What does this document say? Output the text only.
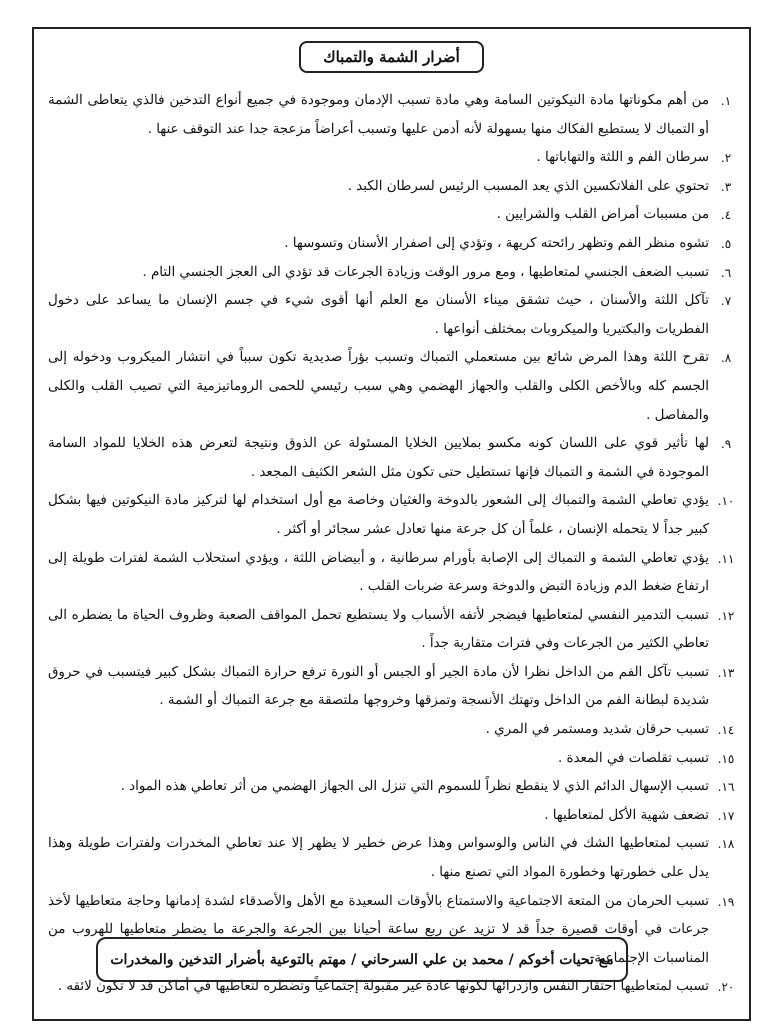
أضرار الشمة والتمباك
١.
من أهم مكوناتها مادة النيكوتين السامة وهي مادة تسبب الإدمان وموجودة في جميع أنواع التدخين فالذي يتعاطى الشمة أو التمباك لا يستطيع الفكاك منها بسهولة لأنه أدمن عليها وتسبب أعراضاً مزعجة جدا عند التوقف عنها .
٢.
سرطان الفم و اللثة والتهاباتها .
٣.
تحتوي على الفلاتكسين الذي يعد المسبب الرئيس لسرطان الكبد .
٤.
من مسببات أمراض القلب والشرايين .
٥.
تشوه منظر الفم وتظهر رائحته كريهة ، وتؤدي إلى اصفرار الأسنان وتسوسها .
٦.
تسبب الضعف الجنسي لمتعاطيها ، ومع مرور الوقت وزيادة الجرعات قد تؤدي الى العجز الجنسي التام .
٧.
تآكل اللثة والأسنان ، حيث تشقق ميناء الأسنان مع العلم أنها أقوى شيء في جسم الإنسان ما يساعد على دخول الفطريات والبكتيريا والميكروبات بمختلف أنواعها .
٨.
تقرح اللثة وهذا المرض شائع بين مستعملي التمباك وتسبب بؤراً صديدية تكون سبباً في انتشار الميكروب ودخوله إلى الجسم كله وبالأخص الكلى والقلب والجهاز الهضمي وهي سبب رئيسي للحمى الروماتيزمية التي تصيب القلب والكلى والمفاصل .
٩.
لها تأثير قوي على اللسان كونه مكسو بملايين الخلايا المسئولة عن الذوق ونتيجة لتعرض هذه الخلايا للمواد السامة الموجودة في الشمة و التمباك فإنها تستطيل حتى تكون مثل الشعر الكثيف المجعد .
١٠.
يؤدي تعاطي الشمة والتمباك إلى الشعور بالدوخة والغثيان وخاصة مع أول استخدام لها لتركيز مادة النيكوتين فيها بشكل كبير جداً لا يتحمله الإنسان ، علماً أن كل جرعة منها تعادل عشر سجائر أو أكثر .
١١.
يؤدي تعاطي الشمة و التمباك إلى الإصابة بأورام سرطانية ، و أبيضاض اللثة ، ويؤدي استحلاب الشمة لفترات طويلة إلى ارتفاع ضغط الدم وزيادة التبض والدوخة وسرعة ضربات القلب .
١٢.
تسبب التدمير النفسي لمتعاطيها فيضجر لأتفه الأسباب ولا يستطيع تحمل المواقف الصعبة وظروف الحياة ما يضطره الى تعاطي الكثير من الجرعات وفي فترات متقاربة جداً .
١٣.
تسبب تآكل الفم من الداخل نظرا لأن مادة الجير أو الجبس أو النورة ترفع حرارة التمباك بشكل كبير فيتسبب في حروق شديدة لبطانة الفم من الداخل وتهتك الأنسجة وتمزقها وخروجها ملتصقة مع جرعة التمباك أو الشمة .
١٤.
تسبب حرقان شديد ومستمر في المري .
١٥.
تسبب تقلصات في المعدة .
١٦.
تسبب الإسهال الدائم الذي لا ينقطع نظراً للسموم التي تنزل الى الجهاز الهضمي من أثر تعاطي هذه المواد .
١٧.
تضعف شهية الأكل لمتعاطيها .
١٨.
تسبب لمتعاطيها الشك في الناس والوسواس وهذا عرض خطير لا يظهر إلا عند تعاطي المخدرات ولفترات طويلة وهذا يدل على خطورتها وخطورة المواد التي تصنع منها .
١٩.
تسبب الحرمان من المتعة الاجتماعية والاستمتاع بالأوقات السعيدة مع الأهل والأصدقاء لشدة إدمانها وحاجة متعاطيها لأخذ جرعات في أوقات قصيرة جداً قد لا تزيد عن ربع ساعة أحيانا بين الجرعة والجرعة ما يضطر متعاطيها للهروب من المناسبات الإجتماعية .
٢٠.
تسبب لمتعاطيها احتقار النفس وازدرائها لكونها عادة غير مقبولة إجتماعياً وتضطره لتعاطيها في أماكن قد لا تكون لائقه .
مع تحيات أخوكم / محمد بن علي السرحاني / مهتم بالتوعية بأضرار التدخين والمخدرات
